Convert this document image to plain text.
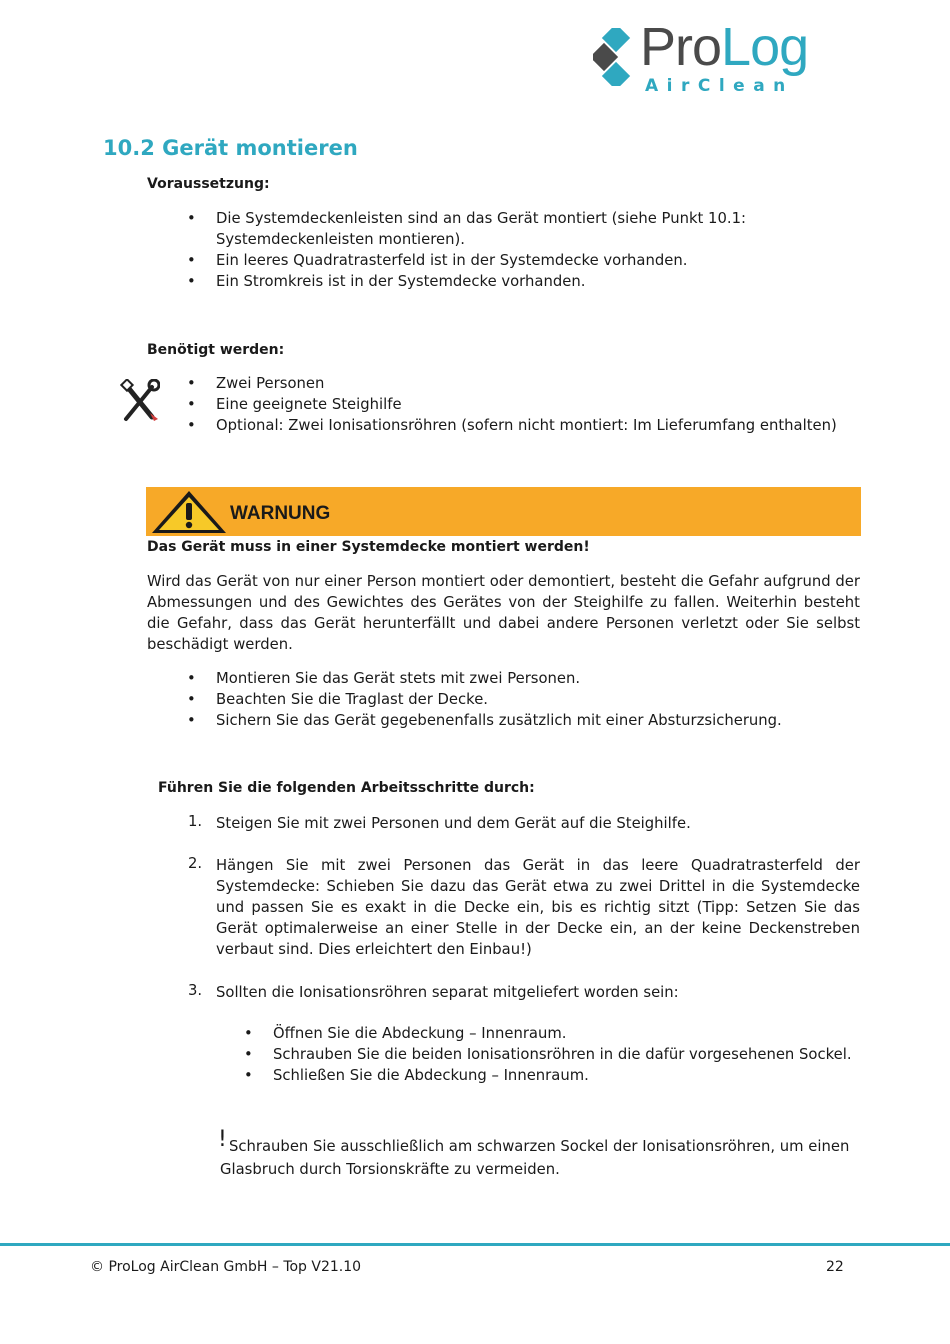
ProLog
AirClean
10.2 Gerät montieren
Voraussetzung:
• Die Systemdeckenleisten sind an das Gerät montiert (siehe Punkt 10.1: Systemdeckenleisten montieren).
• Ein leeres Quadratrasterfeld ist in der Systemdecke vorhanden.
• Ein Stromkreis ist in der Systemdecke vorhanden.
Benötigt werden:
• Zwei Personen
• Eine geeignete Steighilfe
• Optional: Zwei Ionisationsröhren (sofern nicht montiert: Im Lieferumfang enthalten)
WARNUNG
Das Gerät muss in einer Systemdecke montiert werden!
Wird das Gerät von nur einer Person montiert oder demontiert, besteht die Gefahr aufgrund der Abmessungen und des Gewichtes des Gerätes von der Steighilfe zu fallen. Weiterhin besteht die Gefahr, dass das Gerät herunterfällt und dabei andere Personen verletzt oder Sie selbst beschädigt werden.
• Montieren Sie das Gerät stets mit zwei Personen.
• Beachten Sie die Traglast der Decke.
• Sichern Sie das Gerät gegebenenfalls zusätzlich mit einer Absturzsicherung.
Führen Sie die folgenden Arbeitsschritte durch:
1. Steigen Sie mit zwei Personen und dem Gerät auf die Steighilfe.
2. Hängen Sie mit zwei Personen das Gerät in das leere Quadratrasterfeld der Systemdecke: Schieben Sie dazu das Gerät etwa zu zwei Drittel in die Systemdecke und passen Sie es exakt in die Decke ein, bis es richtig sitzt (Tipp: Setzen Sie das Gerät optimalerweise an einer Stelle in der Decke ein, an der keine Deckenstreben verbaut sind. Dies erleichtert den Einbau!)
3. Sollten die Ionisationsröhren separat mitgeliefert worden sein:
• Öffnen Sie die Abdeckung – Innenraum.
• Schrauben Sie die beiden Ionisationsröhren in die dafür vorgesehenen Sockel.
• Schließen Sie die Abdeckung – Innenraum.
! Schrauben Sie ausschließlich am schwarzen Sockel der Ionisationsröhren, um einen Glasbruch durch Torsionskräfte zu vermeiden.
© ProLog AirClean GmbH – Top V21.10	22
